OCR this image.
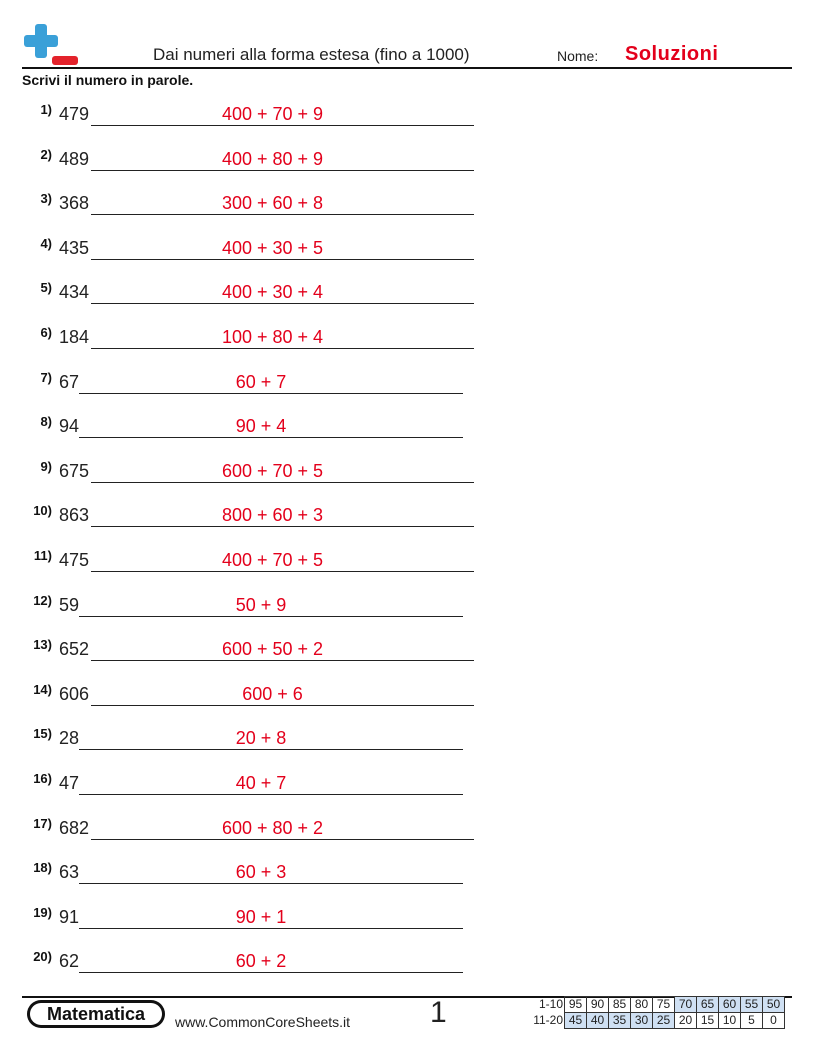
Dai numeri alla forma estesa (fino a 1000)	Nome: Soluzioni
Scrivi il numero in parole.
1) 479	400 + 70 + 9
2) 489	400 + 80 + 9
3) 368	300 + 60 + 8
4) 435	400 + 30 + 5
5) 434	400 + 30 + 4
6) 184	100 + 80 + 4
7) 67	60 + 7
8) 94	90 + 4
9) 675	600 + 70 + 5
10) 863	800 + 60 + 3
11) 475	400 + 70 + 5
12) 59	50 + 9
13) 652	600 + 50 + 2
14) 606	600 + 6
15) 28	20 + 8
16) 47	40 + 7
17) 682	600 + 80 + 2
18) 63	60 + 3
19) 91	90 + 1
20) 62	60 + 2
Matematica	www.CommonCoreSheets.it	1	1-10 95 90 85 80 75 70 65 60 55 50
11-20 45 40 35 30 25 20 15 10 5	0
